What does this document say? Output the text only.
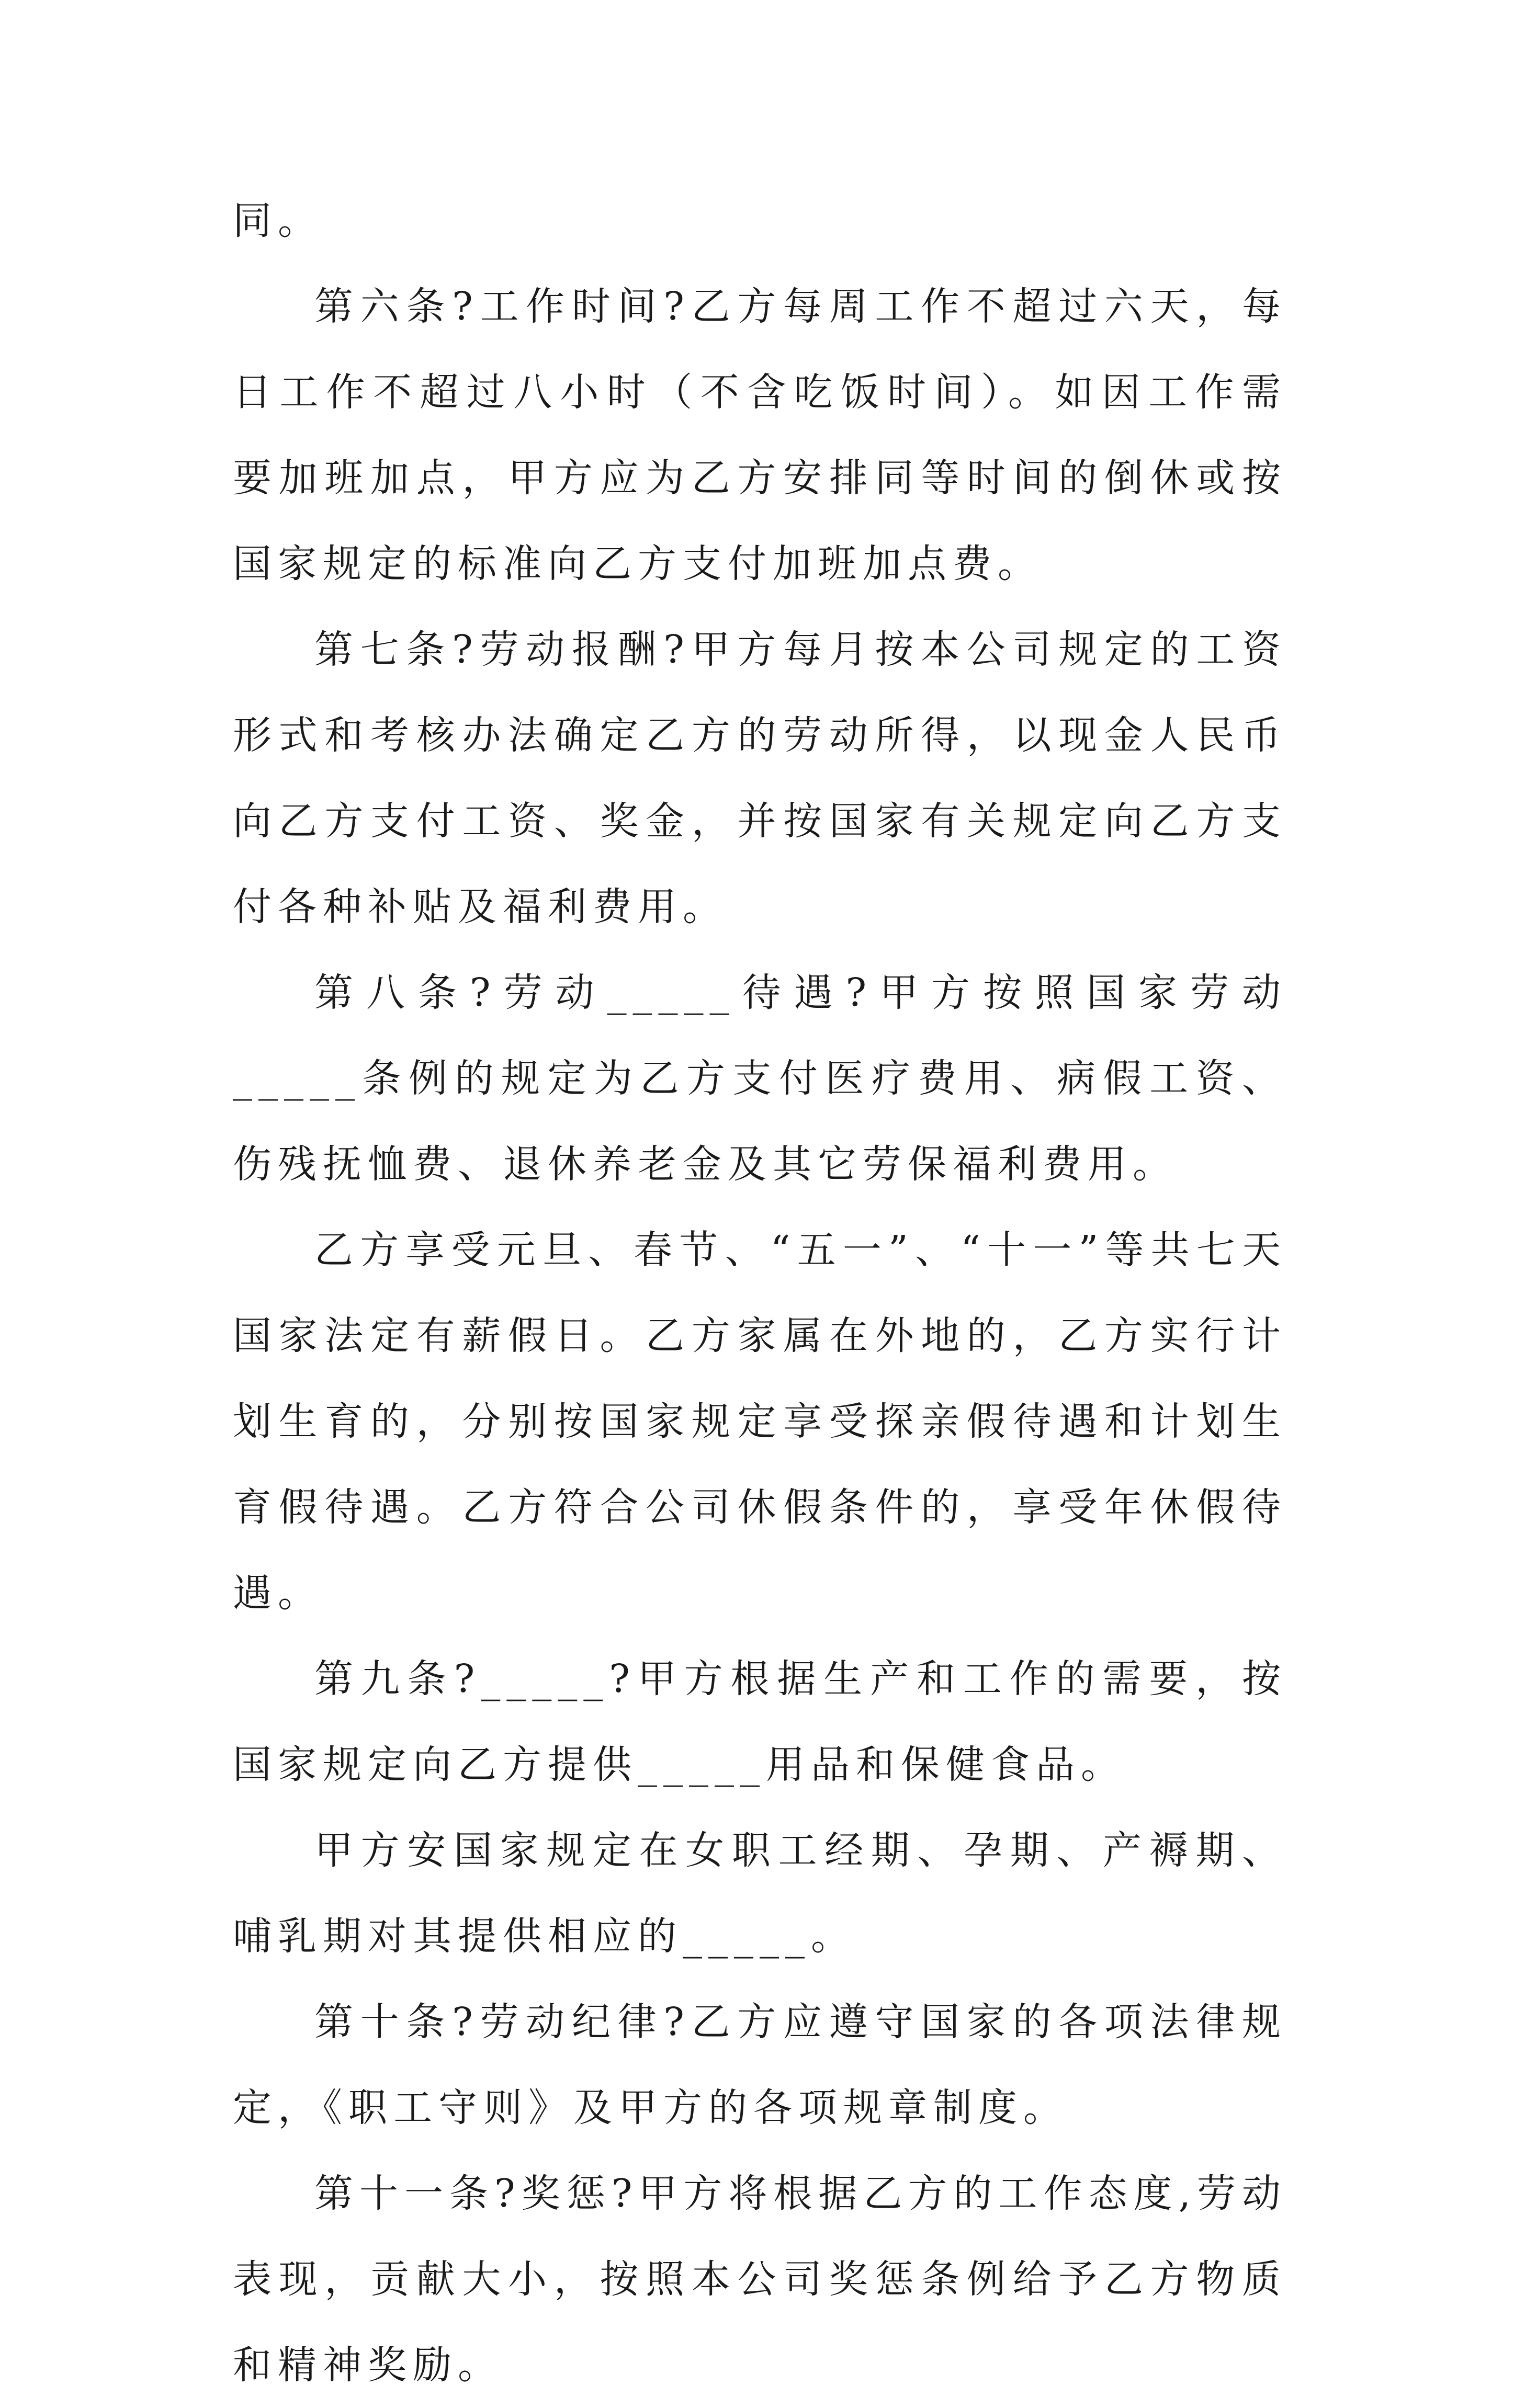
同。

第六条?工作时间?乙方每周工作不超过六天，每日工作不超过八小时（不含吃饭时间）。如因工作需要加班加点，甲方应为乙方安排同等时间的倒休或按国家规定的标准向乙方支付加班加点费。

第七条?劳动报酬?甲方每月按本公司规定的工资形式和考核办法确定乙方的劳动所得，以现金人民币向乙方支付工资、奖金，并按国家有关规定向乙方支付各种补贴及福利费用。

第八条?劳动_____待遇?甲方按照国家劳动_____条例的规定为乙方支付医疗费用、病假工资、伤残抚恤费、退休养老金及其它劳保福利费用。

乙方享受元旦、春节、“五一”、“十一”等共七天国家法定有薪假日。乙方家属在外地的，乙方实行计划生育的，分别按国家规定享受探亲假待遇和计划生育假待遇。乙方符合公司休假条件的，享受年休假待遇。

第九条?_____?甲方根据生产和工作的需要，按国家规定向乙方提供_____用品和保健食品。

甲方安国家规定在女职工经期、孕期、产褥期、哺乳期对其提供相应的_____。

第十条?劳动纪律?乙方应遵守国家的各项法律规定，《职工守则》及甲方的各项规章制度。

第十一条?奖惩?甲方将根据乙方的工作态度,劳动表现，贡献大小，按照本公司奖惩条例给予乙方物质和精神奖励。
